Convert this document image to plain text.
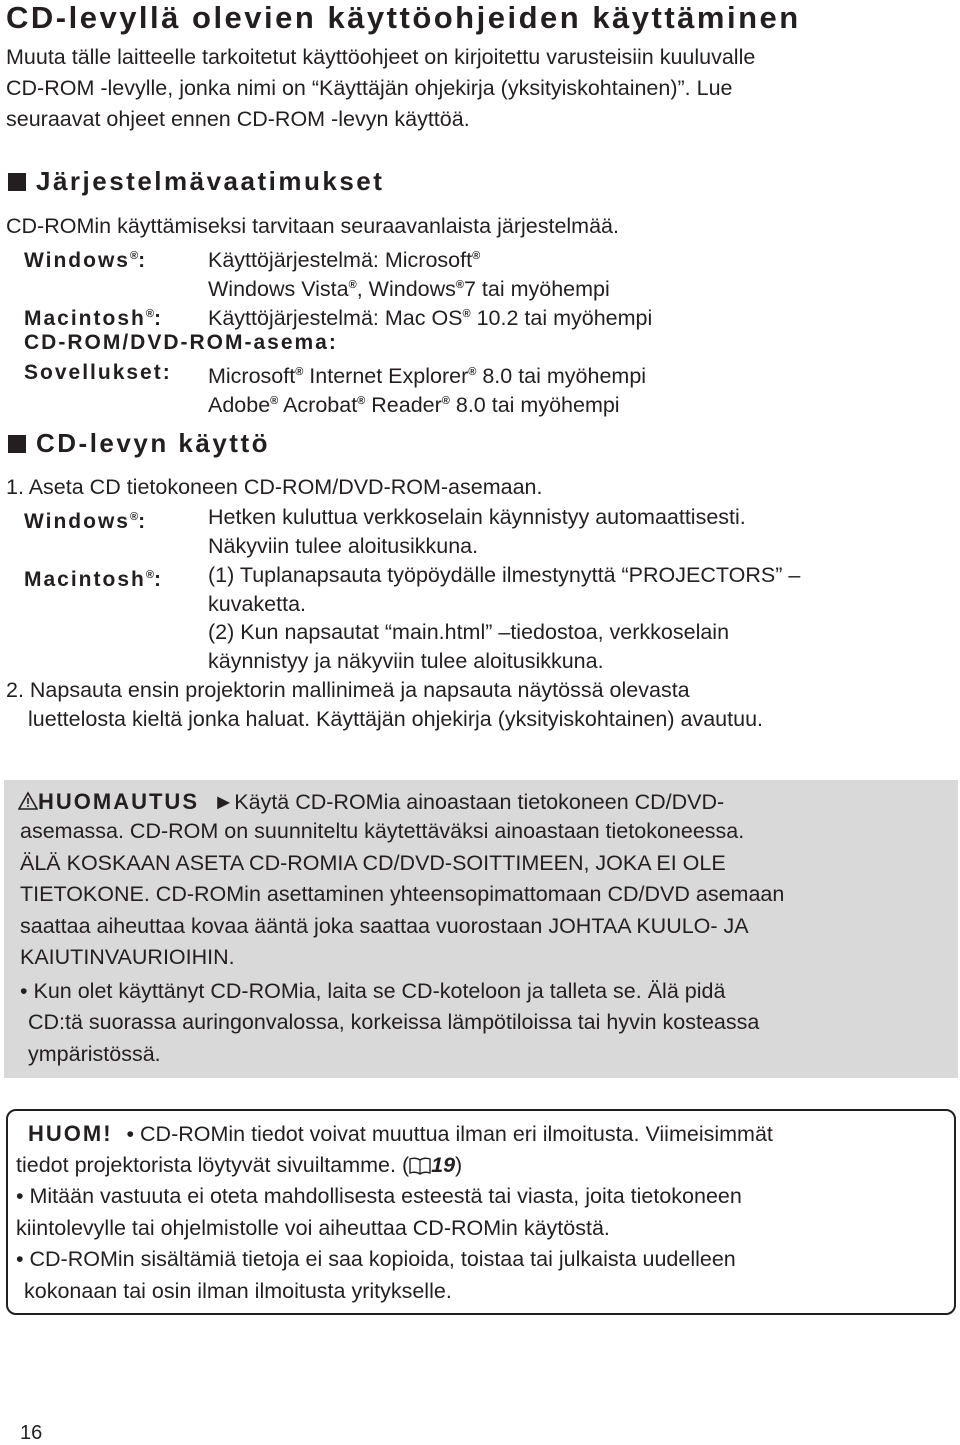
CD-levyllä olevien käyttöohjeiden käyttäminen
Muuta tälle laitteelle tarkoitetut käyttöohjeet on kirjoitettu varusteisiin kuuluvalle
CD-ROM -levylle, jonka nimi on “Käyttäjän ohjekirja (yksityiskohtainen)”. Lue
seuraavat ohjeet ennen CD-ROM -levyn käyttöä.
Järjestelmävaatimukset
CD-ROMin käyttämiseksi tarvitaan seuraavanlaista järjestelmää.
Windows®:	Käyttöjärjestelmä: Microsoft®
Windows Vista®, Windows®7 tai myöhempi
Macintosh®: Käyttöjärjestelmä: Mac OS® 10.2 tai myöhempi
CD-ROM/DVD-ROM-asema:
Sovellukset: Microsoft® Internet Explorer® 8.0 tai myöhempi
Adobe® Acrobat® Reader® 8.0 tai myöhempi
CD-levyn käyttö
1. Aseta CD tietokoneen CD-ROM/DVD-ROM-asemaan.
Windows®:	Hetken kuluttua verkkoselain käynnistyy automaattisesti.
Näkyviin tulee aloitusikkuna.
Macintosh®: (1) Tuplanapsauta työpöydälle ilmestynyttä “PROJECTORS” –
kuvaketta.
(2) Kun napsautat “main.html” –tiedostoa, verkkoselain
käynnistyy ja näkyviin tulee aloitusikkuna.
2. Napsauta ensin projektorin mallinimeä ja napsauta näytössä olevasta
luettelosta kieltä jonka haluat. Käyttäjän ohjekirja (yksityiskohtainen) avautuu.
HUOMAUTUS ►Käytä CD-ROMia ainoastaan tietokoneen CD/DVD-
asemassa. CD-ROM on suunniteltu käytettäväksi ainoastaan tietokoneessa.
ÄLÄ KOSKAAN ASETA CD-ROMIA CD/DVD-SOITTIMEEN, JOKA EI OLE
TIETOKONE. CD-ROMin asettaminen yhteensopimattomaan CD/DVD asemaan
saattaa aiheuttaa kovaa ääntä joka saattaa vuorostaan JOHTAA KUULO- JA
KAIUTINVAURIOIHIN.
• Kun olet käyttänyt CD-ROMia, laita se CD-koteloon ja talleta se. Älä pidä
CD:tä suorassa auringonvalossa, korkeissa lämpötiloissa tai hyvin kosteassa
ympäristössä.
HUOM! • CD-ROMin tiedot voivat muuttua ilman eri ilmoitusta. Viimeisimmät
tiedot projektorista löytyvät sivuiltamme. ( 19)
• Mitään vastuuta ei oteta mahdollisesta esteestä tai viasta, joita tietokoneen
kiintolevylle tai ohjelmistolle voi aiheuttaa CD-ROMin käytöstä.
• CD-ROMin sisältämiä tietoja ei saa kopioida, toistaa tai julkaista uudelleen
kokonaan tai osin ilman ilmoitusta yritykselle.
16
